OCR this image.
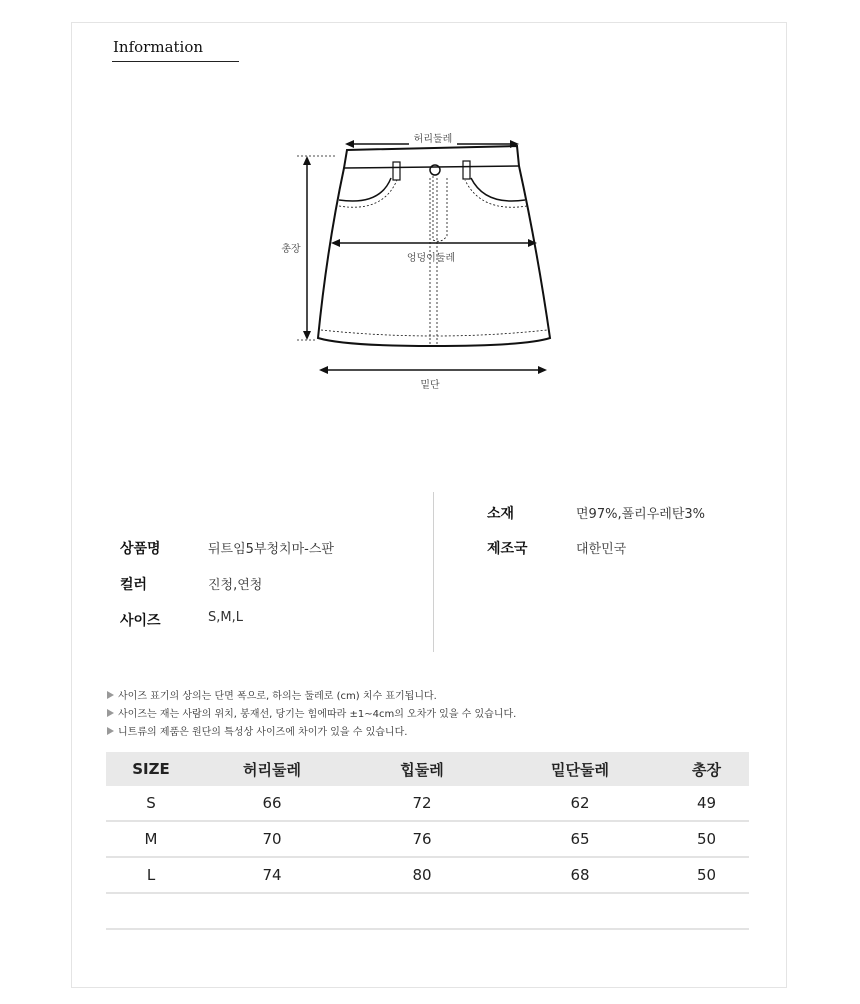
Information
허리둘레
총장
엉덩이둘레
밑단
상품명	뒤트임5부청치마-스판
컬러	진청,연청
사이즈	S,M,L
소재	면97%,폴리우레탄3%
제조국	대한민국
사이즈 표기의 상의는 단면 폭으로, 하의는 둘레로 (cm) 치수 표기됩니다.
사이즈는 재는 사람의 위치, 봉재선, 당기는 힘에따라 ±1~4cm의 오차가 있을 수 있습니다.
니트류의 제품은 원단의 특성상 사이즈에 차이가 있을 수 있습니다.
SIZE	허리둘레	힙둘레	밑단둘레	총장
S	66	72	62	49
M	70	76	65	50
L	74	80	68	50
